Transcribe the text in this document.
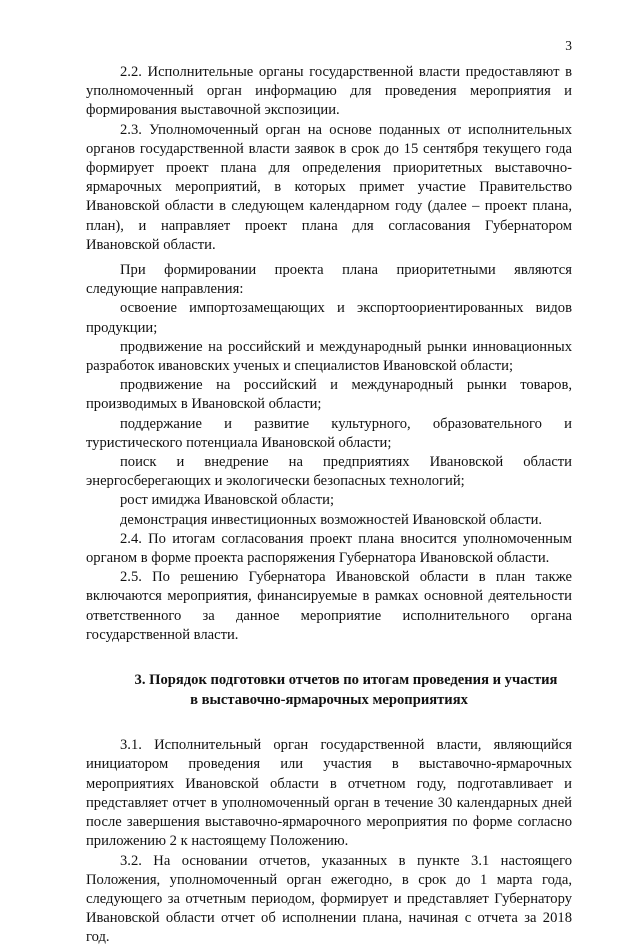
3

2.2. Исполнительные органы государственной власти предоставляют в уполномоченный орган информацию для проведения мероприятия и формирования выставочной экспозиции.

2.3. Уполномоченный орган на основе поданных от исполнительных органов государственной власти заявок в срок до 15 сентября текущего года формирует проект плана для определения приоритетных выставочно-ярмарочных мероприятий, в которых примет участие Правительство Ивановской области в следующем календарном году (далее – проект плана, план), и направляет проект плана для согласования Губернатором Ивановской области.

При формировании проекта плана приоритетными являются следующие направления:

освоение импортозамещающих и экспортоориентированных видов продукции;

продвижение на российский и международный рынки инновационных разработок ивановских ученых и специалистов Ивановской области;

продвижение на российский и международный рынки товаров, производимых в Ивановской области;

поддержание и развитие культурного, образовательного и туристического потенциала Ивановской области;

поиск и внедрение на предприятиях Ивановской области энергосберегающих и экологически безопасных технологий;

рост имиджа Ивановской области;

демонстрация инвестиционных возможностей Ивановской области.

2.4. По итогам согласования проект плана вносится уполномоченным органом в форме проекта распоряжения Губернатора Ивановской области.

2.5. По решению Губернатора Ивановской области в план также включаются мероприятия, финансируемые в рамках основной деятельности ответственного за данное мероприятие исполнительного органа государственной власти.

3. Порядок подготовки отчетов по итогам проведения и участия
в выставочно-ярмарочных мероприятиях

3.1. Исполнительный орган государственной власти, являющийся инициатором проведения или участия в выставочно-ярмарочных мероприятиях Ивановской области в отчетном году, подготавливает и представляет отчет в уполномоченный орган в течение 30 календарных дней после завершения выставочно-ярмарочного мероприятия по форме согласно приложению 2 к настоящему Положению.

3.2. На основании отчетов, указанных в пункте 3.1 настоящего Положения, уполномоченный орган ежегодно, в срок до 1 марта года, следующего за отчетным периодом, формирует и представляет Губернатору Ивановской области отчет об исполнении плана, начиная с отчета за 2018 год.
